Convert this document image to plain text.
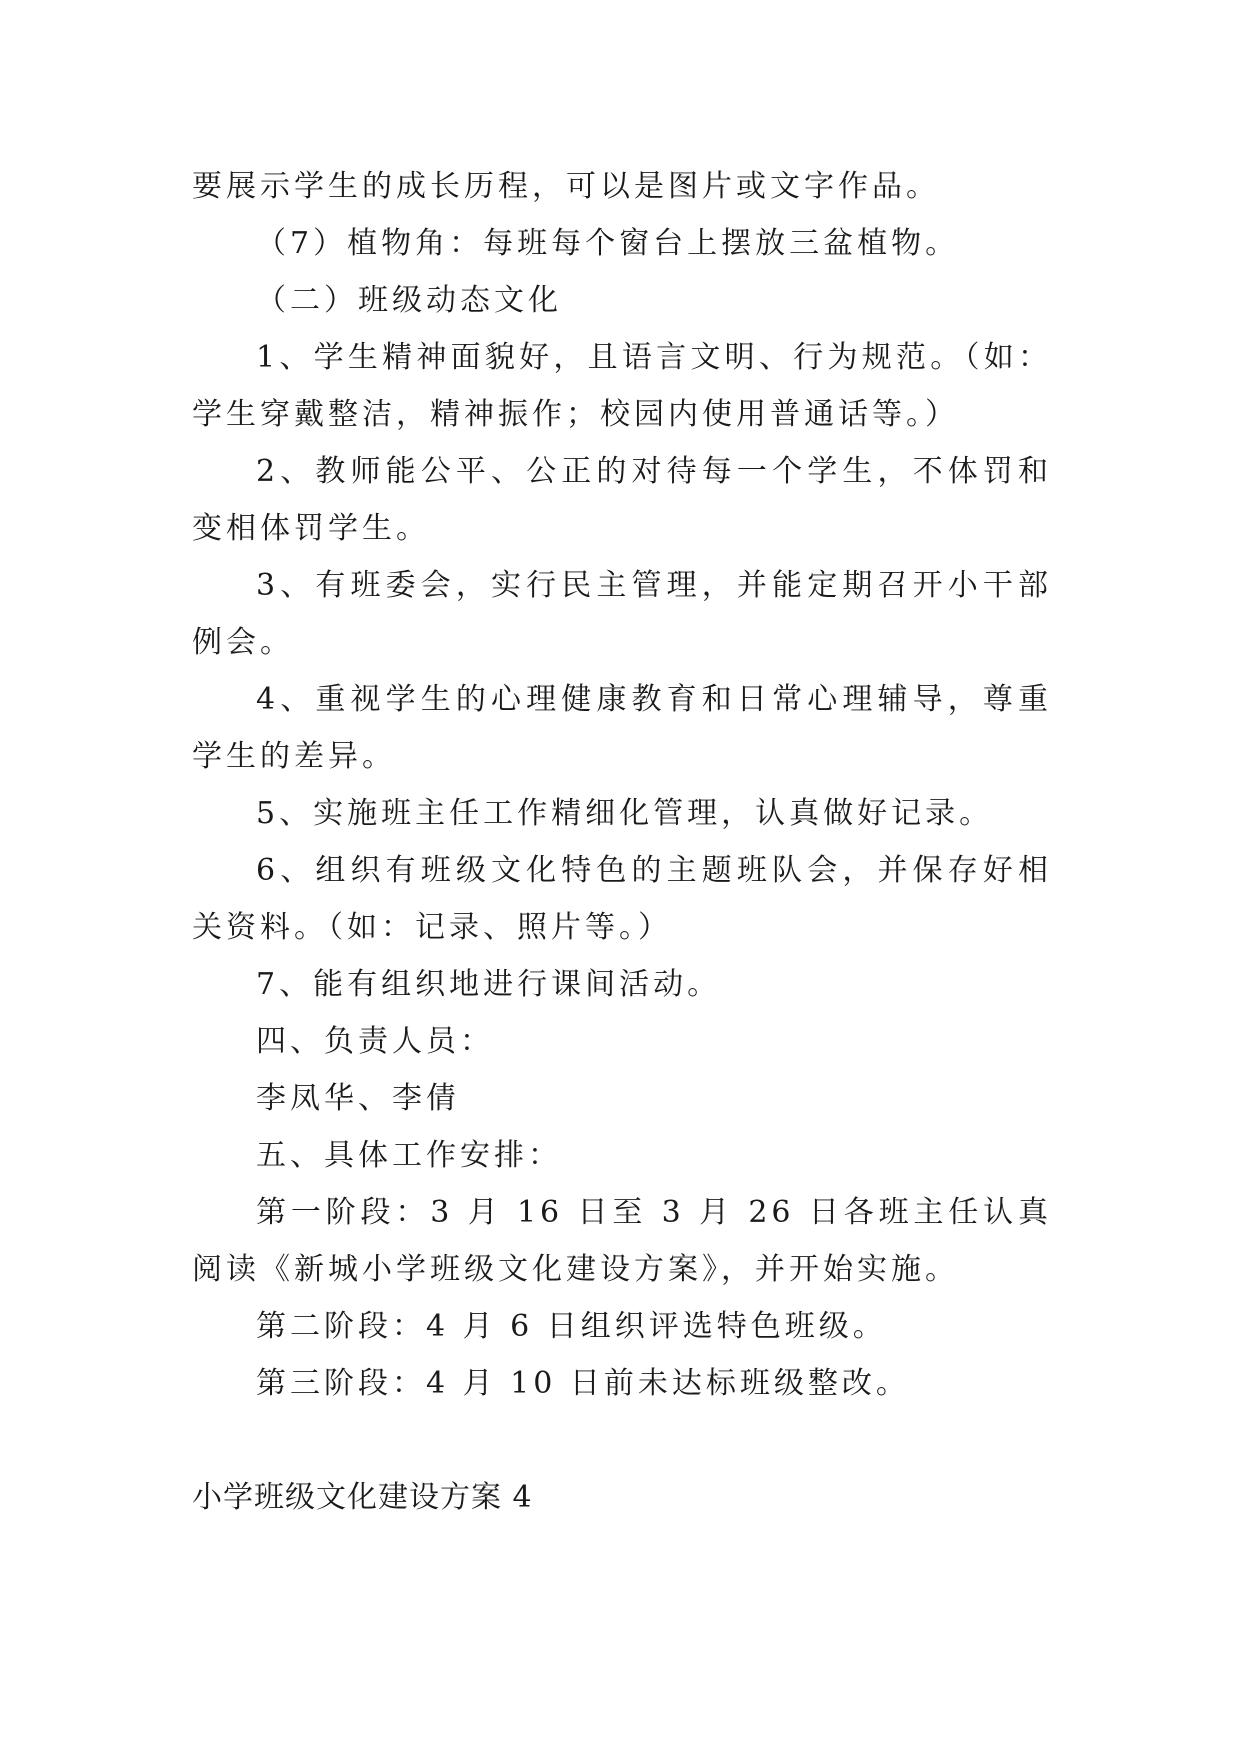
要展示学生的成长历程，可以是图片或文字作品。

（7）植物角：每班每个窗台上摆放三盆植物。

（二）班级动态文化

1、学生精神面貌好，且语言文明、行为规范。（如：学生穿戴整洁，精神振作；校园内使用普通话等。）

2、教师能公平、公正的对待每一个学生，不体罚和变相体罚学生。

3、有班委会，实行民主管理，并能定期召开小干部例会。

4、重视学生的心理健康教育和日常心理辅导，尊重学生的差异。

5、实施班主任工作精细化管理，认真做好记录。

6、组织有班级文化特色的主题班队会，并保存好相关资料。（如：记录、照片等。）

7、能有组织地进行课间活动。

四、负责人员：

李凤华、李倩

五、具体工作安排：

第一阶段：3 月 16 日至 3 月 26 日各班主任认真阅读《新城小学班级文化建设方案》，并开始实施。

第二阶段：4 月 6 日组织评选特色班级。

第三阶段：4 月 10 日前未达标班级整改。

小学班级文化建设方案 4
